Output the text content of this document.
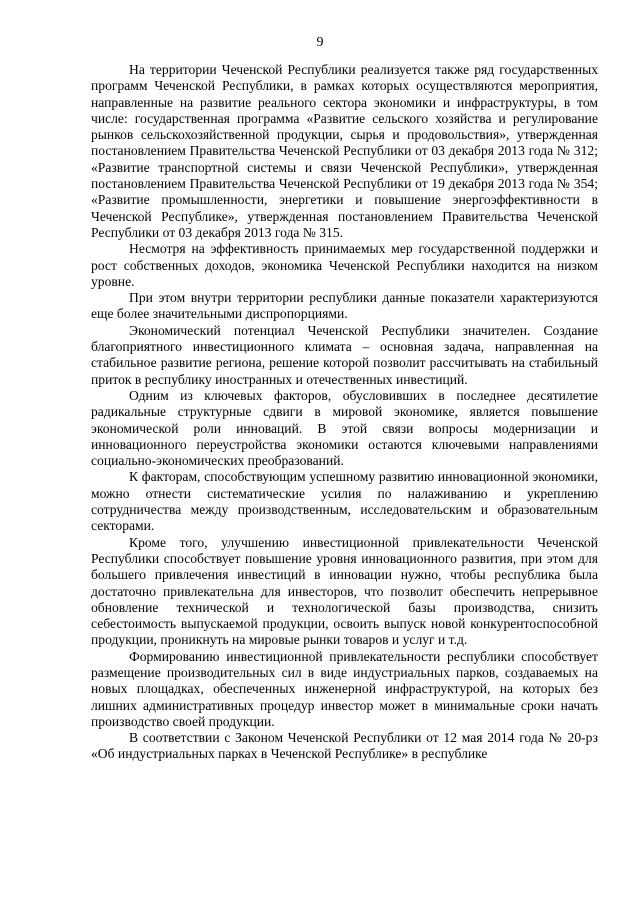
9

На территории Чеченской Республики реализуется также ряд государственных программ Чеченской Республики, в рамках которых осуществляются мероприятия, направленные на развитие реального сектора экономики и инфраструктуры, в том числе: государственная программа «Развитие сельского хозяйства и регулирование рынков сельскохозяйственной продукции, сырья и продовольствия», утвержденная постановлением Правительства Чеченской Республики от 03 декабря 2013 года № 312; «Развитие транспортной системы и связи Чеченской Республики», утвержденная постановлением Правительства Чеченской Республики от 19 декабря 2013 года № 354; «Развитие промышленности, энергетики и повышение энергоэффективности в Чеченской Республике», утвержденная постановлением Правительства Чеченской Республики от 03 декабря 2013 года № 315.

Несмотря на эффективность принимаемых мер государственной поддержки и рост собственных доходов, экономика Чеченской Республики находится на низком уровне.

При этом внутри территории республики данные показатели характеризуются еще более значительными диспропорциями.

Экономический потенциал Чеченской Республики значителен. Создание благоприятного инвестиционного климата – основная задача, направленная на стабильное развитие региона, решение которой позволит рассчитывать на стабильный приток в республику иностранных и отечественных инвестиций.

Одним из ключевых факторов, обусловивших в последнее десятилетие радикальные структурные сдвиги в мировой экономике, является повышение экономической роли инноваций. В этой связи вопросы модернизации и инновационного переустройства экономики остаются ключевыми направлениями социально-экономических преобразований.

К факторам, способствующим успешному развитию инновационной экономики, можно отнести систематические усилия по налаживанию и укреплению сотрудничества между производственным, исследовательским и образовательным секторами.

Кроме того, улучшению инвестиционной привлекательности Чеченской Республики способствует повышение уровня инновационного развития, при этом для большего привлечения инвестиций в инновации нужно, чтобы республика была достаточно привлекательна для инвесторов, что позволит обеспечить непрерывное обновление технической и технологической базы производства, снизить себестоимость выпускаемой продукции, освоить выпуск новой конкурентоспособной продукции, проникнуть на мировые рынки товаров и услуг и т.д.

Формированию инвестиционной привлекательности республики способствует размещение производительных сил в виде индустриальных парков, создаваемых на новых площадках, обеспеченных инженерной инфраструктурой, на которых без лишних административных процедур инвестор может в минимальные сроки начать производство своей продукции.

В соответствии с Законом Чеченской Республики от 12 мая 2014 года № 20-рз «Об индустриальных парках в Чеченской Республике» в республике
